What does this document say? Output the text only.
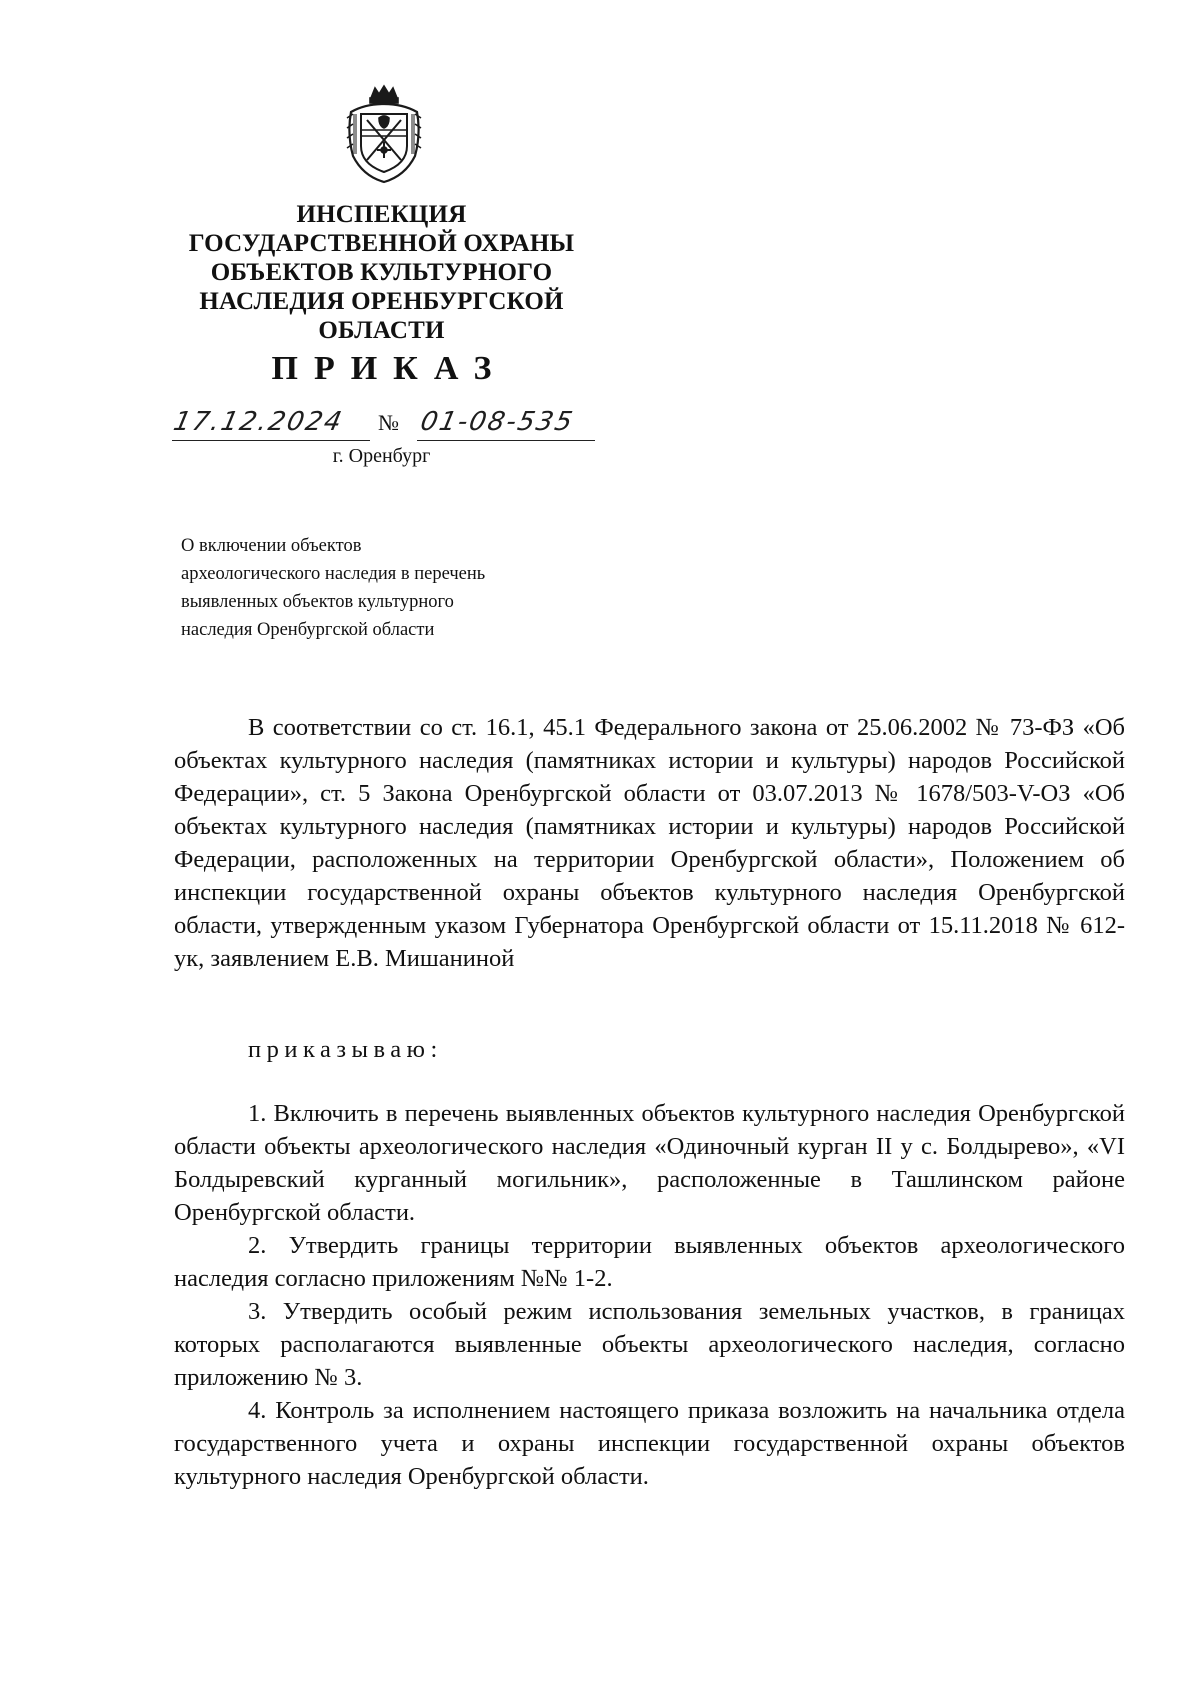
ИНСПЕКЦИЯ
ГОСУДАРСТВЕННОЙ ОХРАНЫ
ОБЪЕКТОВ КУЛЬТУРНОГО
НАСЛЕДИЯ ОРЕНБУРГСКОЙ
ОБЛАСТИ
ПРИКАЗ
17.12.2024	№ 01-08-535
г. Оренбург
О включении объектов
археологического наследия в перечень
выявленных объектов культурного
наследия Оренбургской области

В соответствии со ст. 16.1, 45.1 Федерального закона от 25.06.2002 № 73-ФЗ «Об объектах культурного наследия (памятниках истории и культуры) народов Российской Федерации», ст. 5 Закона Оренбургской области от 03.07.2013 № 1678/503-V-ОЗ «Об объектах культурного наследия (памятниках истории и культуры) народов Российской Федерации, расположенных на территории Оренбургской области», Положением об инспекции государственной охраны объектов культурного наследия Оренбургской области, утвержденным указом Губернатора Оренбургской области от 15.11.2018 № 612-ук, заявлением Е.В. Мишаниной

приказываю:

1. Включить в перечень выявленных объектов культурного наследия Оренбургской области объекты археологического наследия «Одиночный курган II у с. Болдырево», «VI Болдыревский курганный могильник», расположенные в Ташлинском районе Оренбургской области.

2. Утвердить границы территории выявленных объектов археологического наследия согласно приложениям №№ 1-2.

3. Утвердить особый режим использования земельных участков, в границах которых располагаются выявленные объекты археологического наследия, согласно приложению № 3.

4. Контроль за исполнением настоящего приказа возложить на начальника отдела государственного учета и охраны инспекции государственной охраны объектов культурного наследия Оренбургской области.
